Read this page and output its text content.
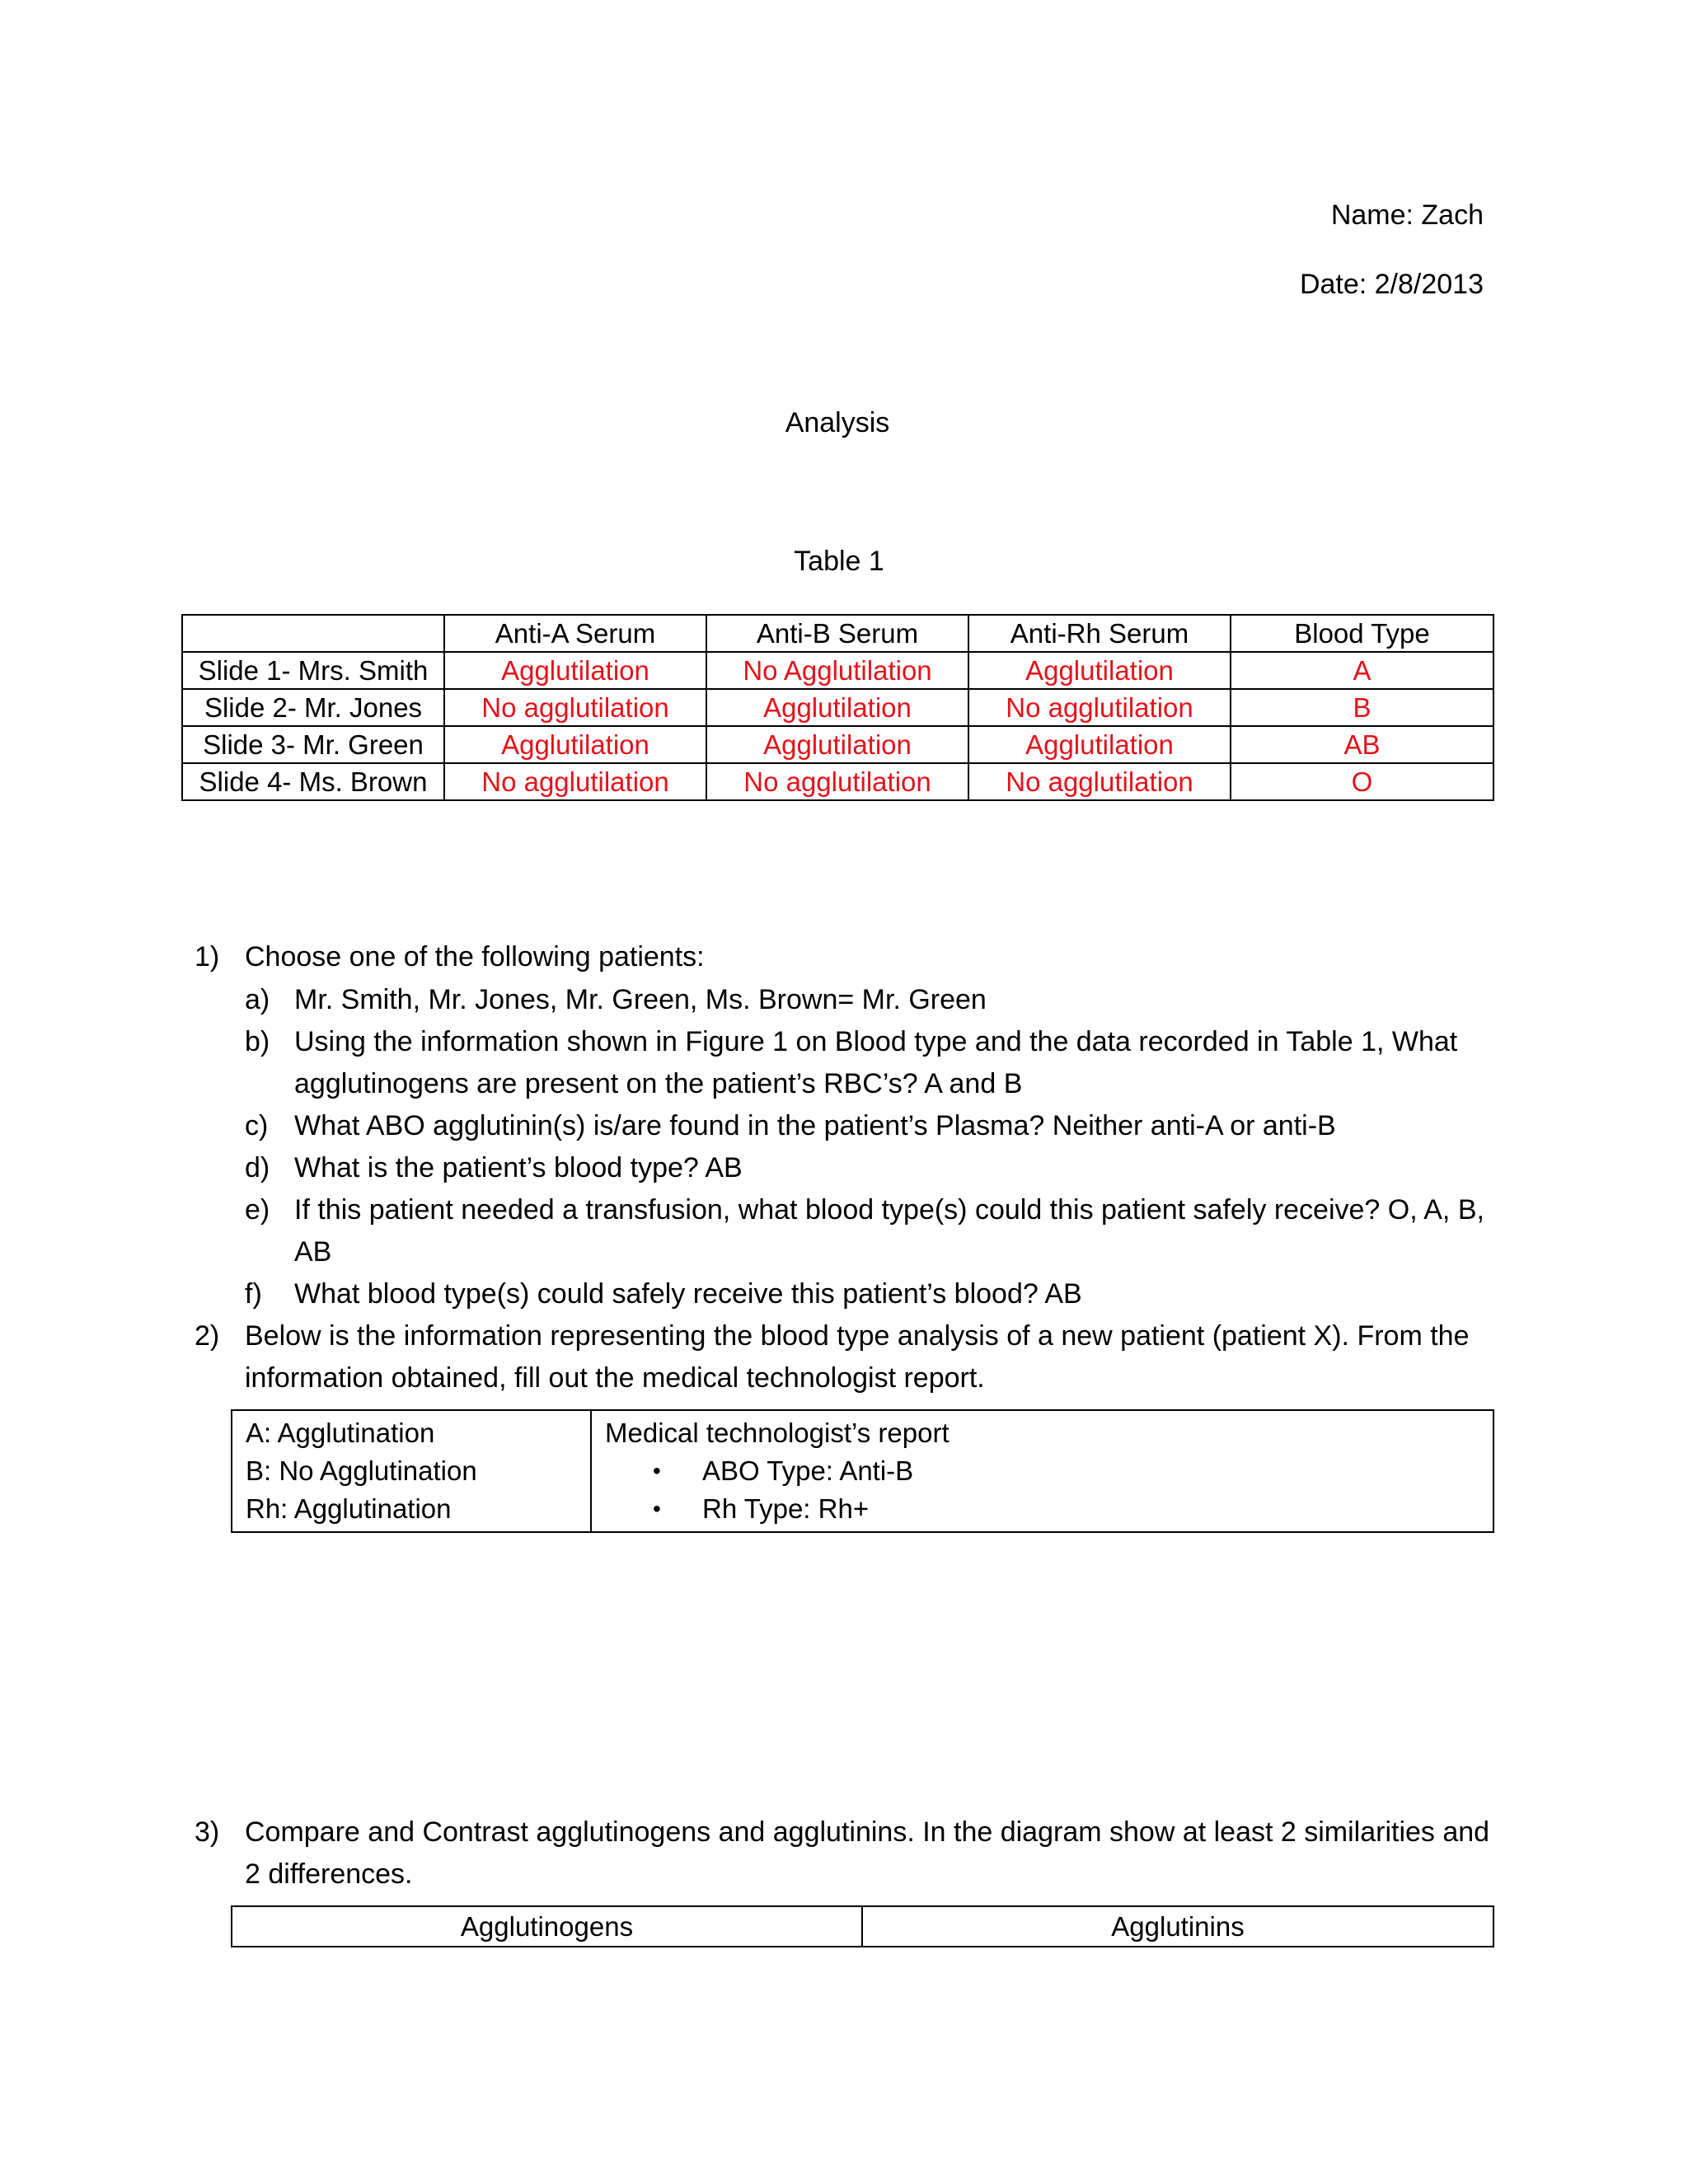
Name: Zach
Date: 2/8/2013
Analysis
Table 1
	Anti-A Serum	Anti-B Serum	Anti-Rh Serum	Blood Type
Slide 1- Mrs. Smith	Agglutilation	No Agglutilation	Agglutilation	A
Slide 2- Mr. Jones	No agglutilation	Agglutilation	No agglutilation	B
Slide 3- Mr. Green	Agglutilation	Agglutilation	Agglutilation	AB
Slide 4- Ms. Brown	No agglutilation	No agglutilation	No agglutilation	O
1) Choose one of the following patients:
a) Mr. Smith, Mr. Jones, Mr. Green, Ms. Brown= Mr. Green
b) Using the information shown in Figure 1 on Blood type and the data recorded in Table 1, What
agglutinogens are present on the patient’s RBC’s? A and B
c) What ABO agglutinin(s) is/are found in the patient’s Plasma? Neither anti-A or anti-B
d) What is the patient’s blood type? AB
e) If this patient needed a transfusion, what blood type(s) could this patient safely receive? O, A, B,
AB
f) What blood type(s) could safely receive this patient’s blood? AB
2) Below is the information representing the blood type analysis of a new patient (patient X). From the
information obtained, fill out the medical technologist report.
A: Agglutination
B: No Agglutination
Rh: Agglutination

Medical technologist’s report
•	ABO Type: Anti-B
•	Rh Type: Rh+
3) Compare and Contrast agglutinogens and agglutinins. In the diagram show at least 2 similarities and
2 differences.
Agglutinogens	Agglutinins
